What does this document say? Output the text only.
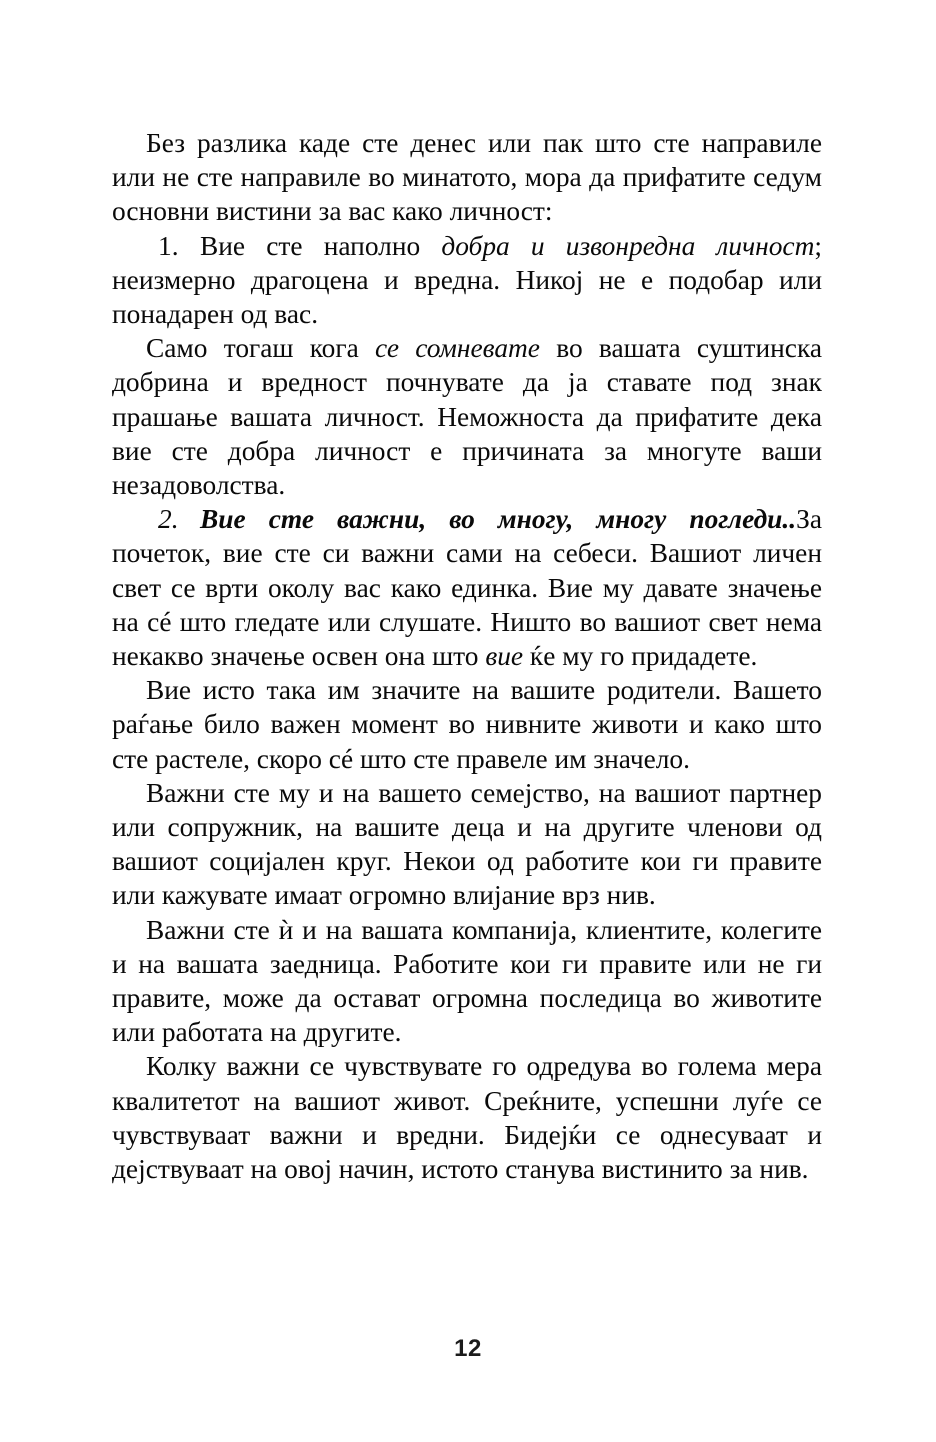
Без разлика каде сте денес или пак што сте направиле или не сте направиле во минатото, мора да прифатите седум основни вистини за вас како личност:

1. Вие сте наполно добра и извонредна личност; неизмерно драгоцена и вредна. Никој не е подобар или понадарен од вас.

Само тогаш кога се сомневате во вашата суштинска добрина и вредност почнувате да ја ставате под знак прашање вашата личност. Неможноста да прифатите дека вие сте добра личност е причината за многуте ваши незадоволства.

2. Вие сте важни, во многу, многу погледи..За почеток, вие сте си важни сами на себеси. Вашиот личен свет се врти околу вас како единка. Вие му давате значење на сé што гледате или слушате. Ништо во вашиот свет нема некакво значење освен она што вие ќе му го придадете.

Вие исто така им значите на вашите родители. Вашето раѓање било важен момент во нивните животи и како што сте растеле, скоро сé што сте правеле им значело.

Важни сте му и на вашето семејство, на вашиот партнер или сопружник, на вашите деца и на другите членови од вашиот социјален круг. Некои од работите кои ги правите или кажувате имаат огромно влијание врз нив.

Важни сте ѝ и на вашата компанија, клиентите, колегите и на вашата заедница. Работите кои ги правите или не ги правите, може да остават огромна последица во животите или работата на другите.

Колку важни се чувствувате го одредува во голема мера квалитетот на вашиот живот. Среќните, успешни луѓе се чувствуваат важни и вредни. Бидејќи се однесуваат и дејствуваат на овој начин, истото станува вистинито за нив.

12
